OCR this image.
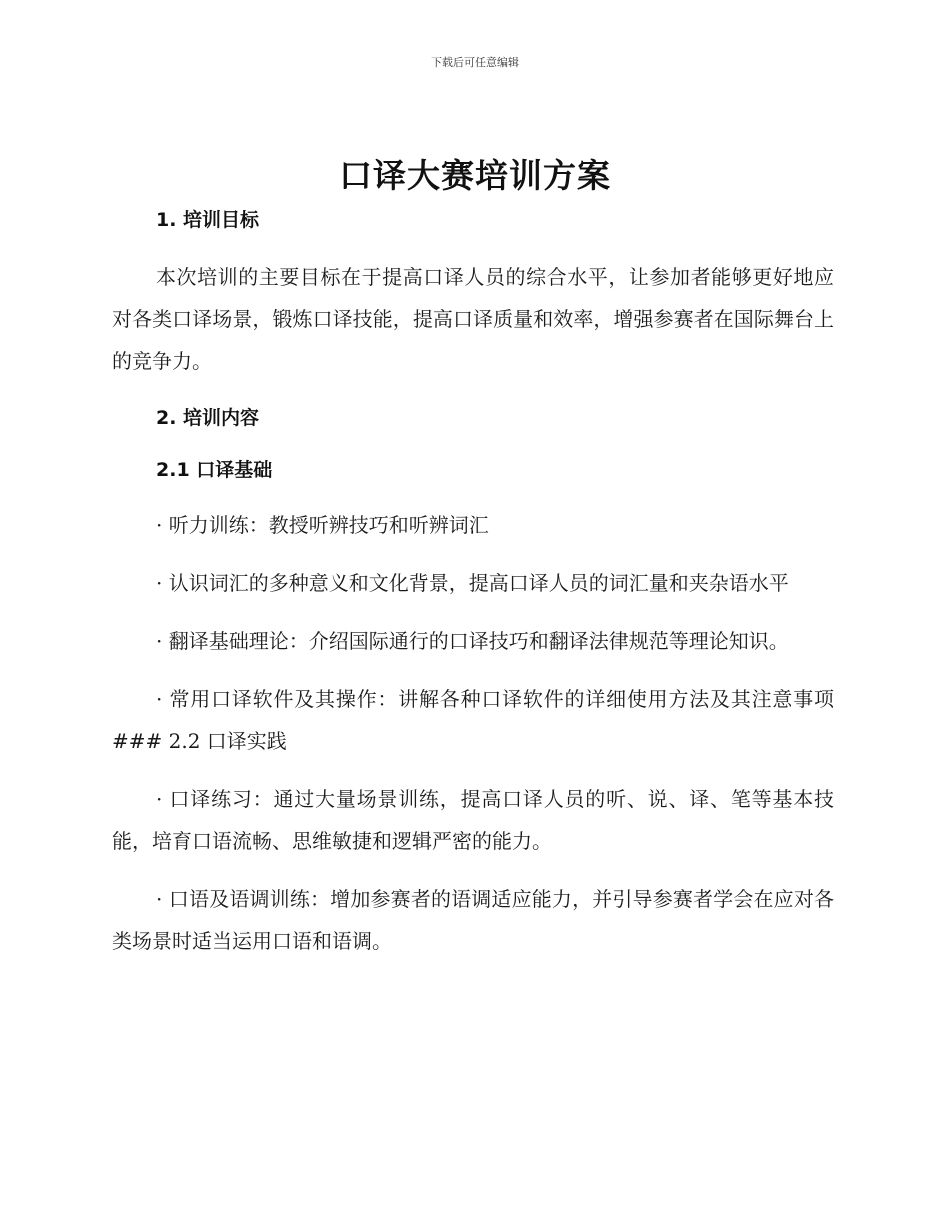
下载后可任意编辑
口译大赛培训方案

1. 培训目标

本次培训的主要目标在于提高口译人员的综合水平，让参加者能够更好地应对各类口译场景，锻炼口译技能，提高口译质量和效率，增强参赛者在国际舞台上的竞争力。

2. 培训内容

2.1 口译基础

· 听力训练：教授听辨技巧和听辨词汇

· 认识词汇的多种意义和文化背景，提高口译人员的词汇量和夹杂语水平

· 翻译基础理论：介绍国际通行的口译技巧和翻译法律规范等理论知识。

· 常用口译软件及其操作：讲解各种口译软件的详细使用方法及其注意事项 ### 2.2 口译实践

· 口译练习：通过大量场景训练，提高口译人员的听、说、译、笔等基本技能，培育口语流畅、思维敏捷和逻辑严密的能力。

· 口语及语调训练：增加参赛者的语调适应能力，并引导参赛者学会在应对各类场景时适当运用口语和语调。
